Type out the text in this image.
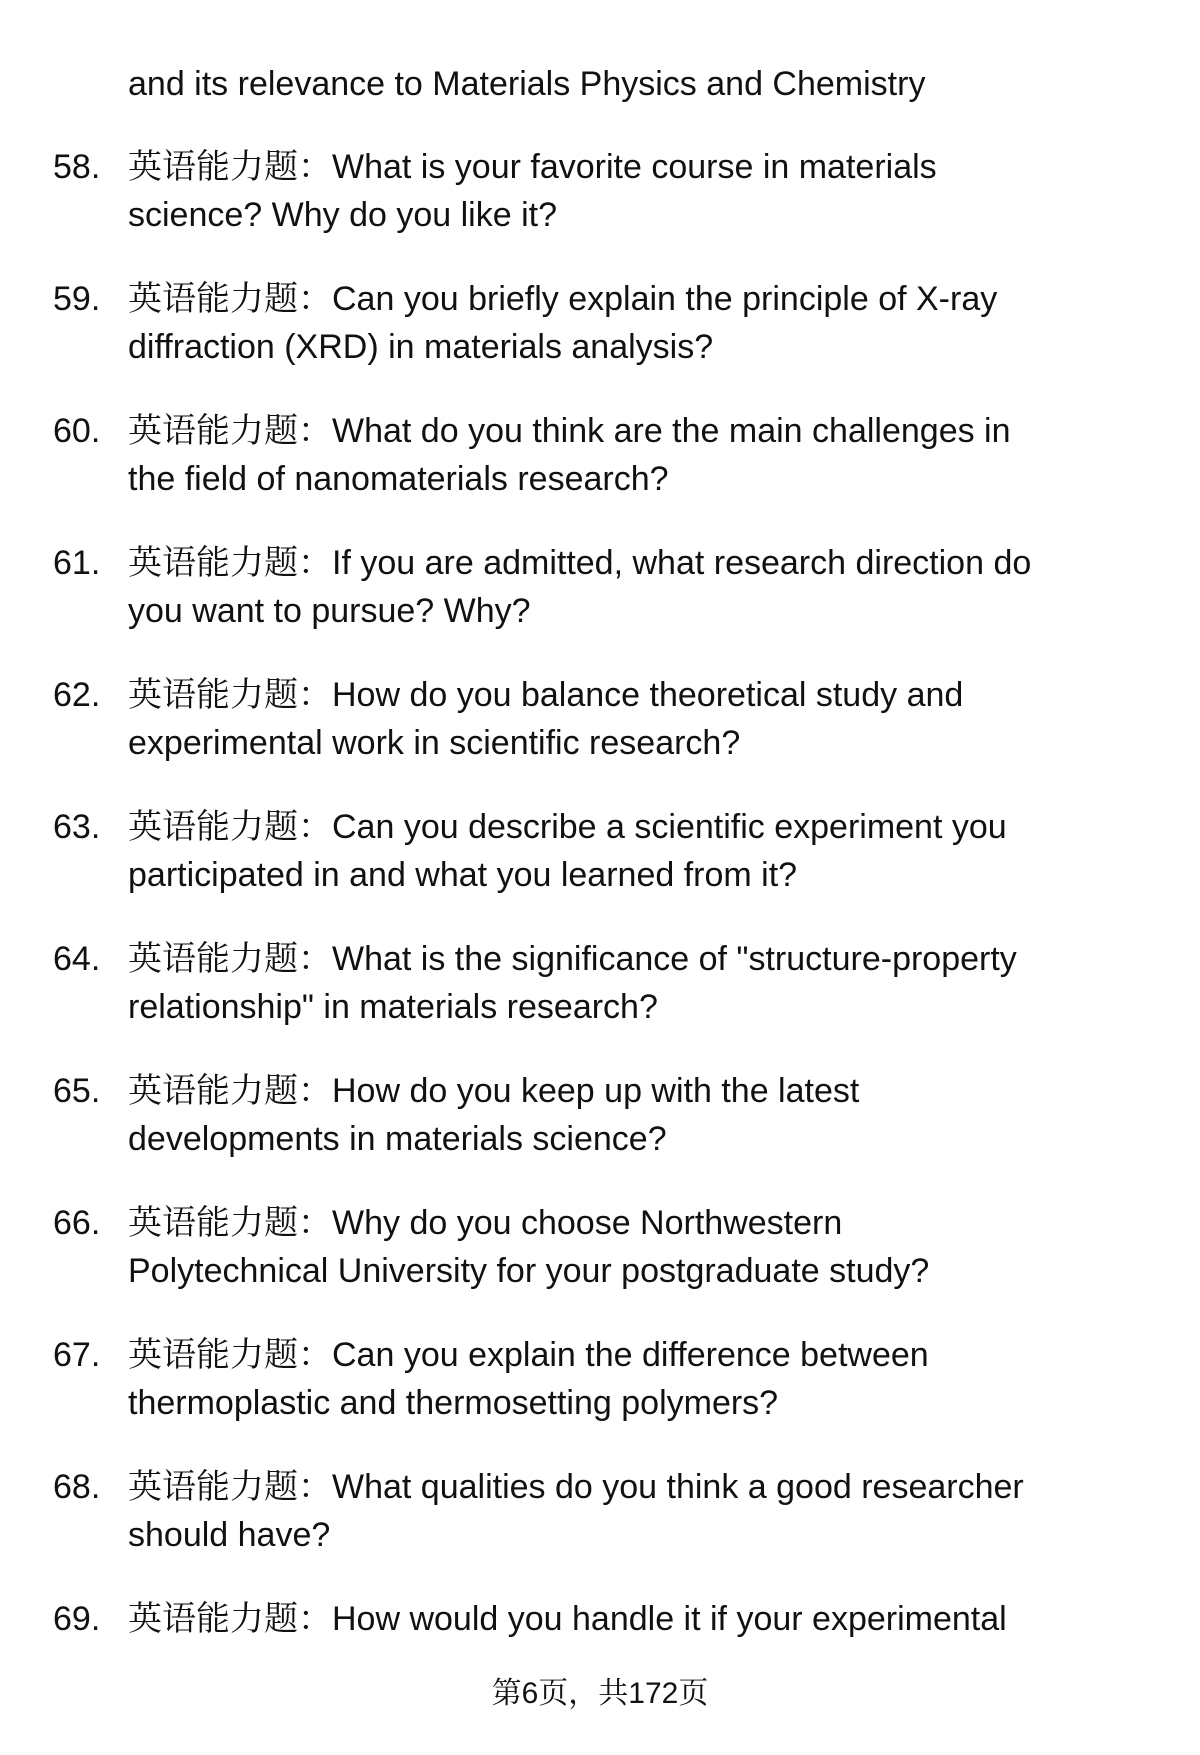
and its relevance to Materials Physics and Chemistry
58. 英语能力题：What is your favorite course in materials
science? Why do you like it?
59. 英语能力题：Can you briefly explain the principle of X-ray
diffraction (XRD) in materials analysis?
60. 英语能力题：What do you think are the main challenges in
the field of nanomaterials research?
61. 英语能力题：If you are admitted, what research direction do
you want to pursue? Why?
62. 英语能力题：How do you balance theoretical study and
experimental work in scientific research?
63. 英语能力题：Can you describe a scientific experiment you
participated in and what you learned from it?
64. 英语能力题：What is the significance of "structure-property
relationship" in materials research?
65. 英语能力题：How do you keep up with the latest
developments in materials science?
66. 英语能力题：Why do you choose Northwestern
Polytechnical University for your postgraduate study?
67. 英语能力题：Can you explain the difference between
thermoplastic and thermosetting polymers?
68. 英语能力题：What qualities do you think a good researcher
should have?
69. 英语能力题：How would you handle it if your experimental
第6页，共172页
